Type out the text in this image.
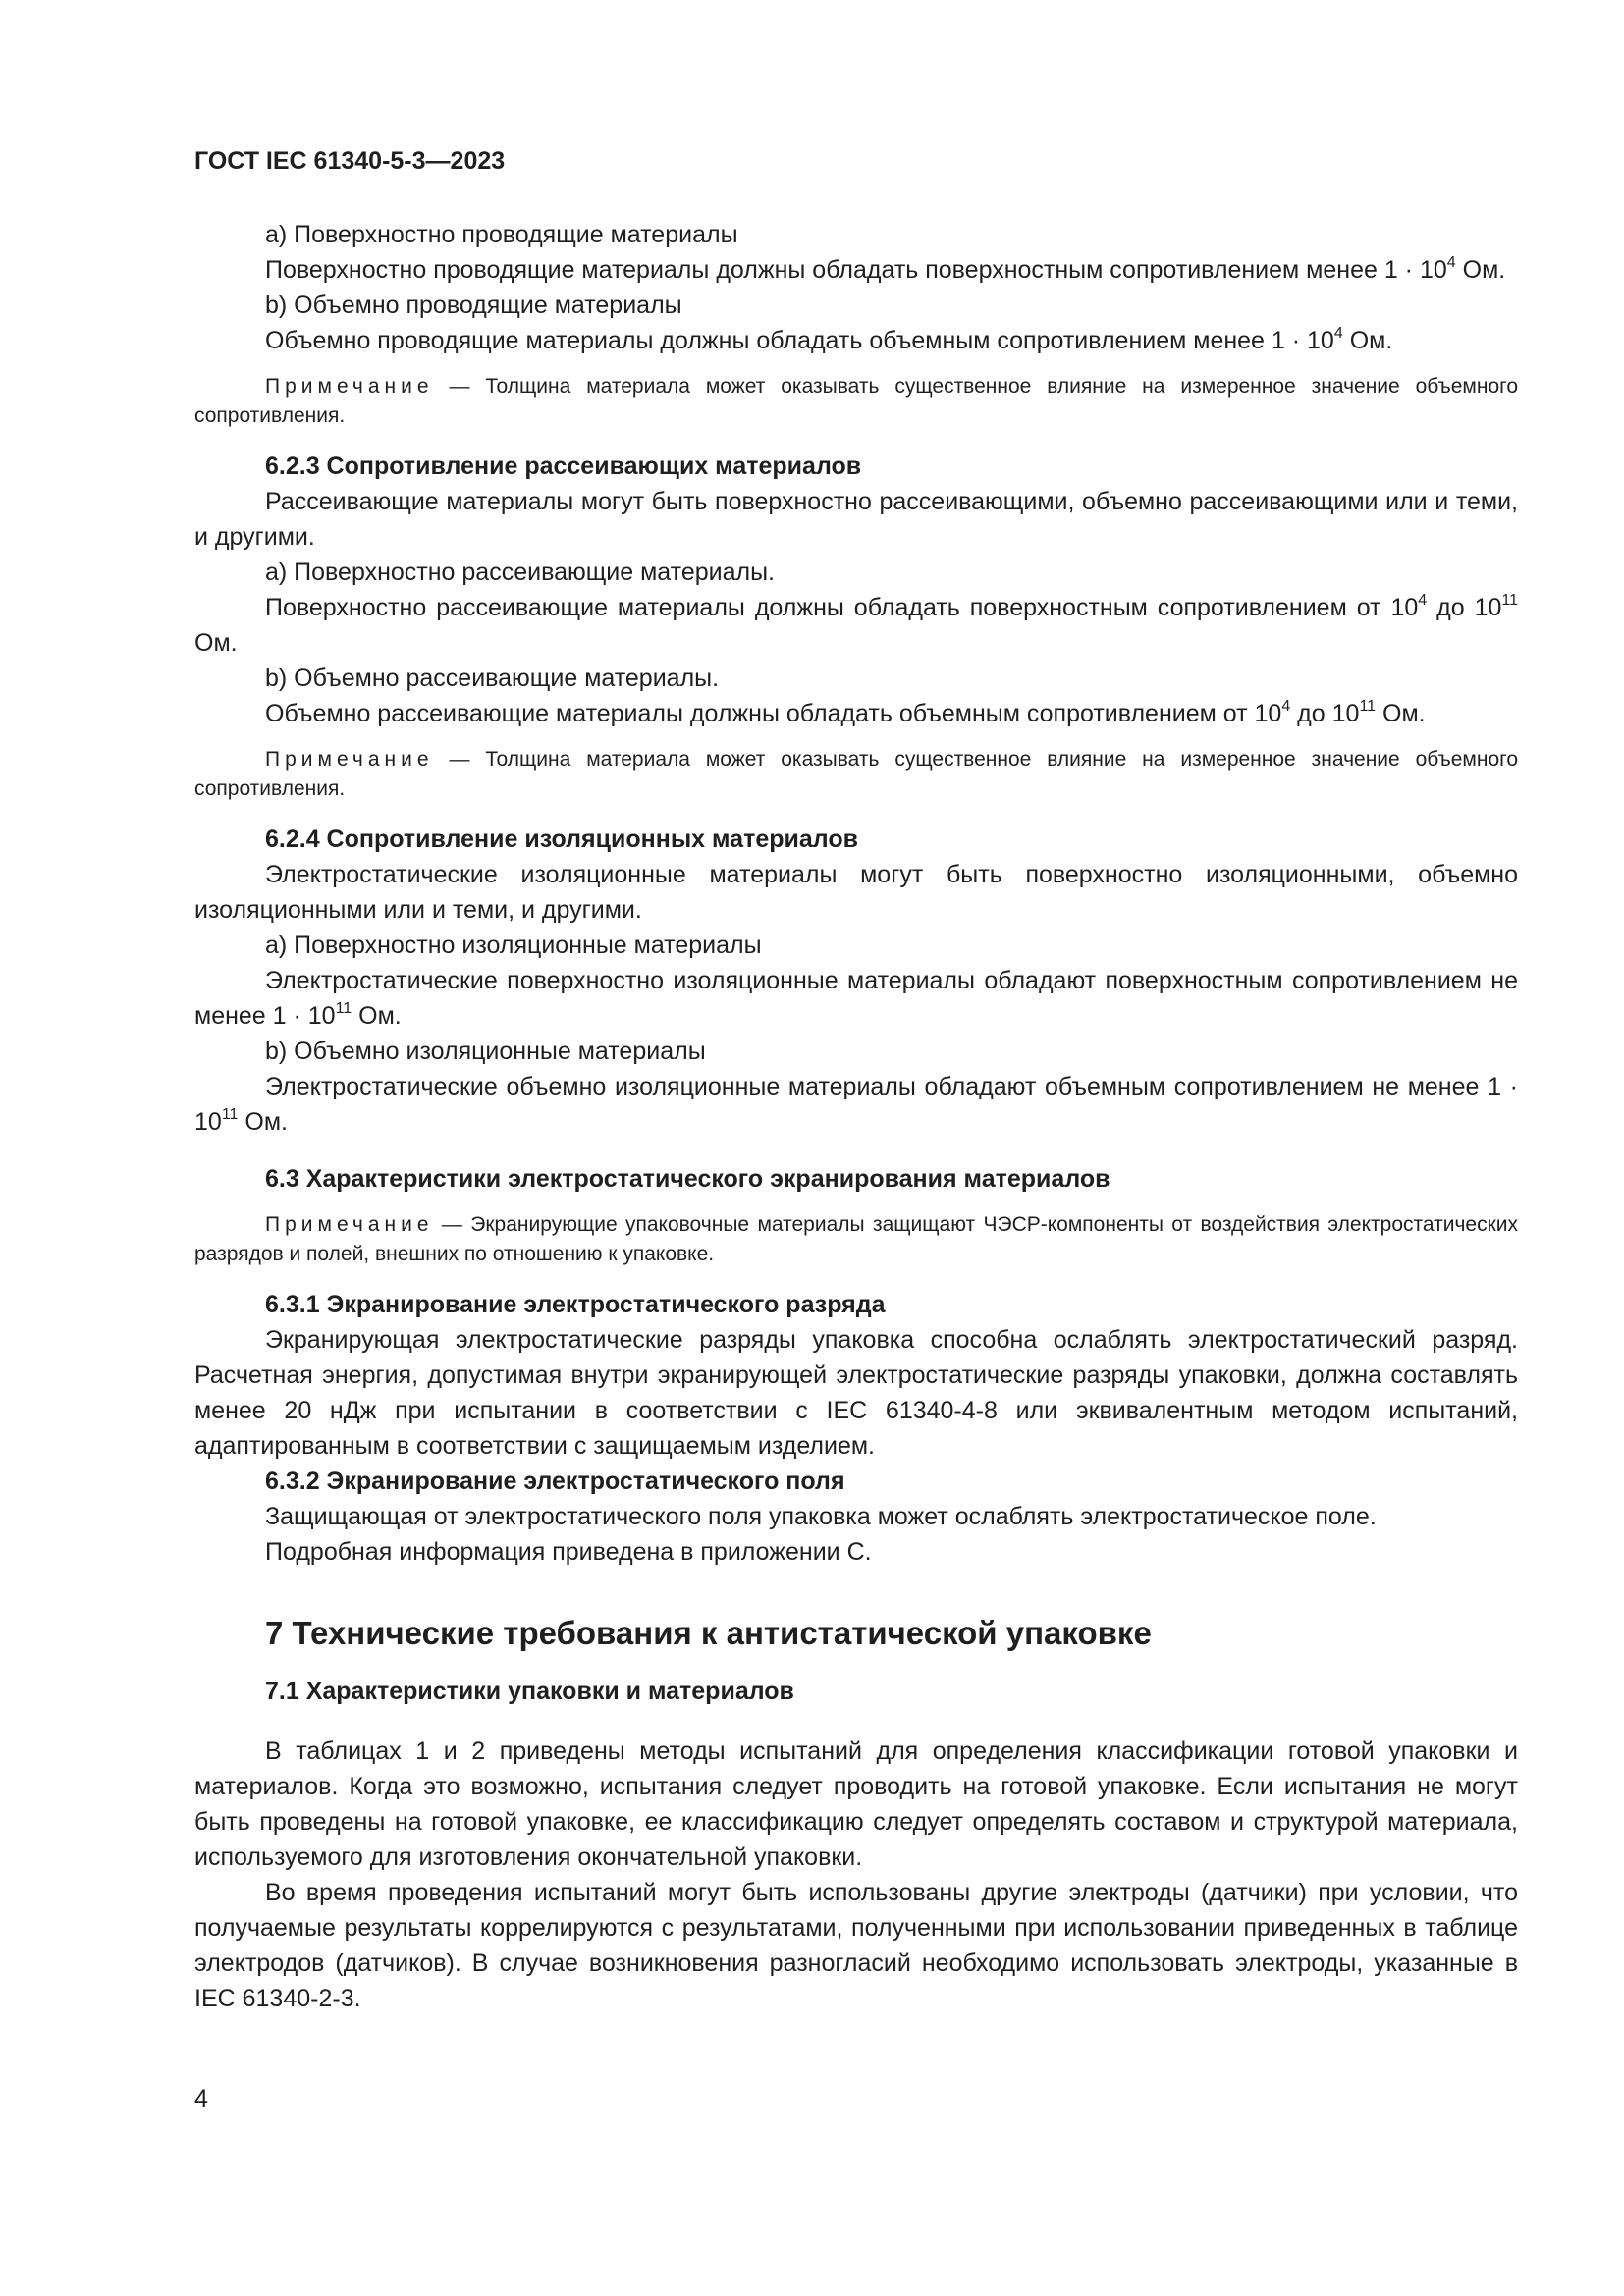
ГОСТ IEC 61340-5-3—2023

a) Поверхностно проводящие материалы

Поверхностно проводящие материалы должны обладать поверхностным сопротивлением менее $1 \cdot 10^4$ Ом.

b) Объемно проводящие материалы

Объемно проводящие материалы должны обладать объемным сопротивлением менее $1 \cdot 10^4$ Ом.

Примечание — Толщина материала может оказывать существенное влияние на измеренное значение объемного сопротивления.

6.2.3 Сопротивление рассеивающих материалов

Рассеивающие материалы могут быть поверхностно рассеивающими, объемно рассеивающими или и теми, и другими.

a) Поверхностно рассеивающие материалы.

Поверхностно рассеивающие материалы должны обладать поверхностным сопротивлением от $10^4$ до $10^{11}$ Ом.

b) Объемно рассеивающие материалы.

Объемно рассеивающие материалы должны обладать объемным сопротивлением от $10^4$ до $10^{11}$ Ом.

Примечание — Толщина материала может оказывать существенное влияние на измеренное значение объемного сопротивления.

6.2.4 Сопротивление изоляционных материалов

Электростатические изоляционные материалы могут быть поверхностно изоляционными, объемно изоляционными или и теми, и другими.

a) Поверхностно изоляционные материалы

Электростатические поверхностно изоляционные материалы обладают поверхностным сопротивлением не менее $1 \cdot 10^{11}$ Ом.

b) Объемно изоляционные материалы

Электростатические объемно изоляционные материалы обладают объемным сопротивлением не менее $1 \cdot 10^{11}$ Ом.

6.3 Характеристики электростатического экранирования материалов

Примечание — Экранирующие упаковочные материалы защищают ЧЭСР-компоненты от воздействия электростатических разрядов и полей, внешних по отношению к упаковке.

6.3.1 Экранирование электростатического разряда

Экранирующая электростатические разряды упаковка способна ослаблять электростатический разряд. Расчетная энергия, допустимая внутри экранирующей электростатические разряды упаковки, должна составлять менее 20 нДж при испытании в соответствии с IEC 61340-4-8 или эквивалентным методом испытаний, адаптированным в соответствии с защищаемым изделием.

6.3.2 Экранирование электростатического поля

Защищающая от электростатического поля упаковка может ослаблять электростатическое поле.

Подробная информация приведена в приложении С.

7 Технические требования к антистатической упаковке
7.1 Характеристики упаковки и материалов

В таблицах 1 и 2 приведены методы испытаний для определения классификации готовой упаковки и материалов. Когда это возможно, испытания следует проводить на готовой упаковке. Если испытания не могут быть проведены на готовой упаковке, ее классификацию следует определять составом и структурой материала, используемого для изготовления окончательной упаковки.

Во время проведения испытаний могут быть использованы другие электроды (датчики) при условии, что получаемые результаты коррелируются с результатами, полученными при использовании приведенных в таблице электродов (датчиков). В случае возникновения разногласий необходимо использовать электроды, указанные в IEC 61340-2-3.

4
